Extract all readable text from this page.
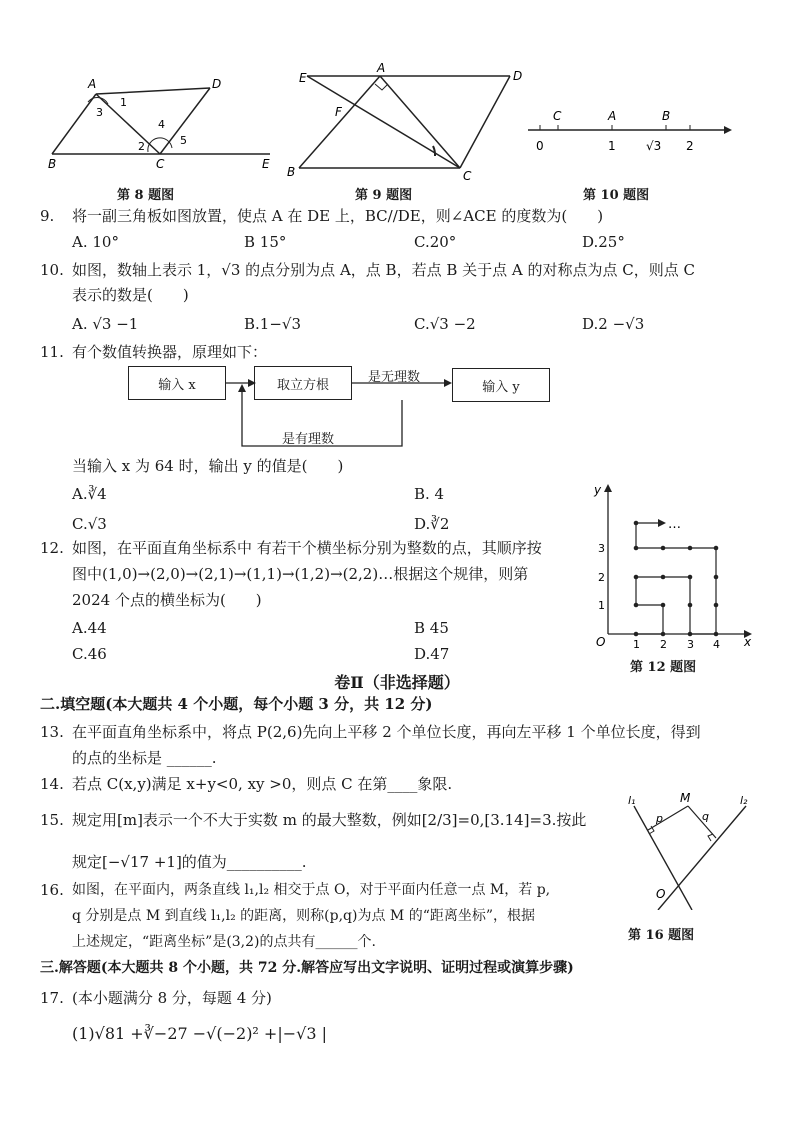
A	D
B	C	E
1
3
4
2	5
第 8 题图
E
A
D
F
B	C
第 9 题图
C	A	B
0	1	√3 2
第 10 题图
9. 将一副三角板如图放置，使点 A 在 DE 上，BC//DE，则∠ACE 的度数为(　　)
A. 10°	B 15°	C.20°	D.25°
10. 如图，数轴上表示 1，√3 的点分别为点 A，点 B，若点 B 关于点 A 的对称点为点 C，则点 C
表示的数是(　　)
A. √3 −1	B.1−√3	C.√3 −2	D.2 −√3
11. 有个数值转换器，原理如下：
输入 x	取立方根	输入 y
是无理数
是有理数
当输入 x 为 64 时，输出 y 的值是(　　)
A.∛4	B. 4
C.√3	D.∛2	…
y
x
O	1 2 3 4
1
2
3
第 12 题图
12. 如图，在平面直角坐标系中 有若干个横坐标分别为整数的点，其顺序按
图中(1,0)→(2,0)→(2,1)→(1,1)→(1,2)→(2,2)…根据这个规律，则第
2024 个点的横坐标为(　　)
A.44	B 45
C.46	D.47
卷Ⅱ（非选择题）
二.填空题(本大题共 4 个小题，每个小题 3 分，共 12 分)
13. 在平面直角坐标系中，将点 P(2,6)先向上平移 2 个单位长度，再向左平移 1 个单位长度，得到
的点的坐标是 ______.
14. 若点 C(x,y)满足 x+y<0, xy >0，则点 C 在第____象限.
15. 规定用[m]表示一个不大于实数 m 的最大整数，例如[2/3]=0,[3.14]=3.按此
规定[−√17 +1]的值为__________.
l₁	M	l₂
p	q
O
第 16 题图
16. 如图，在平面内，两条直线 l₁,l₂ 相交于点 O，对于平面内任意一点 M，若 p,
q 分别是点 M 到直线 l₁,l₂ 的距离，则称(p,q)为点 M 的“距离坐标”，根据
上述规定，“距离坐标”是(3,2)的点共有______个.
三.解答题(本大题共 8 个小题，共 72 分.解答应写出文字说明、证明过程或演算步骤)
17. (本小题满分 8 分，每题 4 分)
(1)√81 +∛−27 −√(−2)² +|−√3 |
